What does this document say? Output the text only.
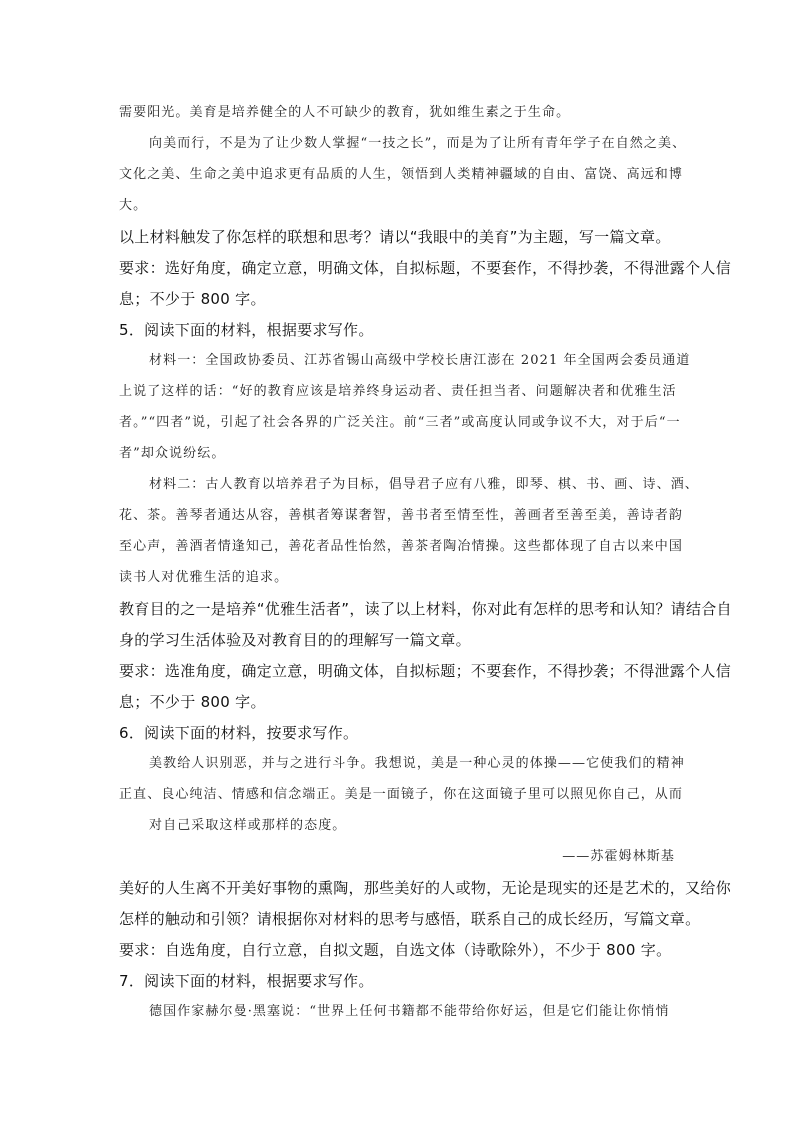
需要阳光。美育是培养健全的人不可缺少的教育，犹如维生素之于生命。
向美而行，不是为了让少数人掌握“一技之长”，而是为了让所有青年学子在自然之美、
文化之美、生命之美中追求更有品质的人生，领悟到人类精神疆域的自由、富饶、高远和博
大。
以上材料触发了你怎样的联想和思考？请以“我眼中的美育”为主题，写一篇文章。
要求：选好角度，确定立意，明确文体，自拟标题，不要套作，不得抄袭，不得泄露个人信
息；不少于 800 字。
5．阅读下面的材料，根据要求写作。
材料一：全国政协委员、江苏省锡山高级中学校长唐江澎在 2021 年全国两会委员通道
上说了这样的话：“好的教育应该是培养终身运动者、责任担当者、问题解决者和优雅生活
者。”“四者”说，引起了社会各界的广泛关注。前“三者”或高度认同或争议不大，对于后“一
者”却众说纷纭。
材料二：古人教育以培养君子为目标，倡导君子应有八雅，即琴、棋、书、画、诗、酒、
花、茶。善琴者通达从容，善棋者筹谋奢智，善书者至情至性，善画者至善至美，善诗者韵
至心声，善酒者情逢知己，善花者品性怡然，善茶者陶冶情操。这些都体现了自古以来中国
读书人对优雅生活的追求。
教育目的之一是培养“优雅生活者”，读了以上材料，你对此有怎样的思考和认知？请结合自
身的学习生活体验及对教育目的的理解写一篇文章。
要求：选准角度，确定立意，明确文体，自拟标题；不要套作，不得抄袭；不得泄露个人信
息；不少于 800 字。
6．阅读下面的材料，按要求写作。
美教给人识别恶，并与之进行斗争。我想说，美是一种心灵的体操——它使我们的精神
正直、良心纯洁、情感和信念端正。美是一面镜子，你在这面镜子里可以照见你自己，从而
对自己采取这样或那样的态度。
——苏霍姆林斯基
美好的人生离不开美好事物的熏陶，那些美好的人或物，无论是现实的还是艺术的，又给你
怎样的触动和引领？请根据你对材料的思考与感悟，联系自己的成长经历，写篇文章。
要求：自选角度，自行立意，自拟文题，自选文体（诗歌除外），不少于 800 字。
7．阅读下面的材料，根据要求写作。
德国作家赫尔曼·黑塞说：“世界上任何书籍都不能带给你好运，但是它们能让你悄悄
